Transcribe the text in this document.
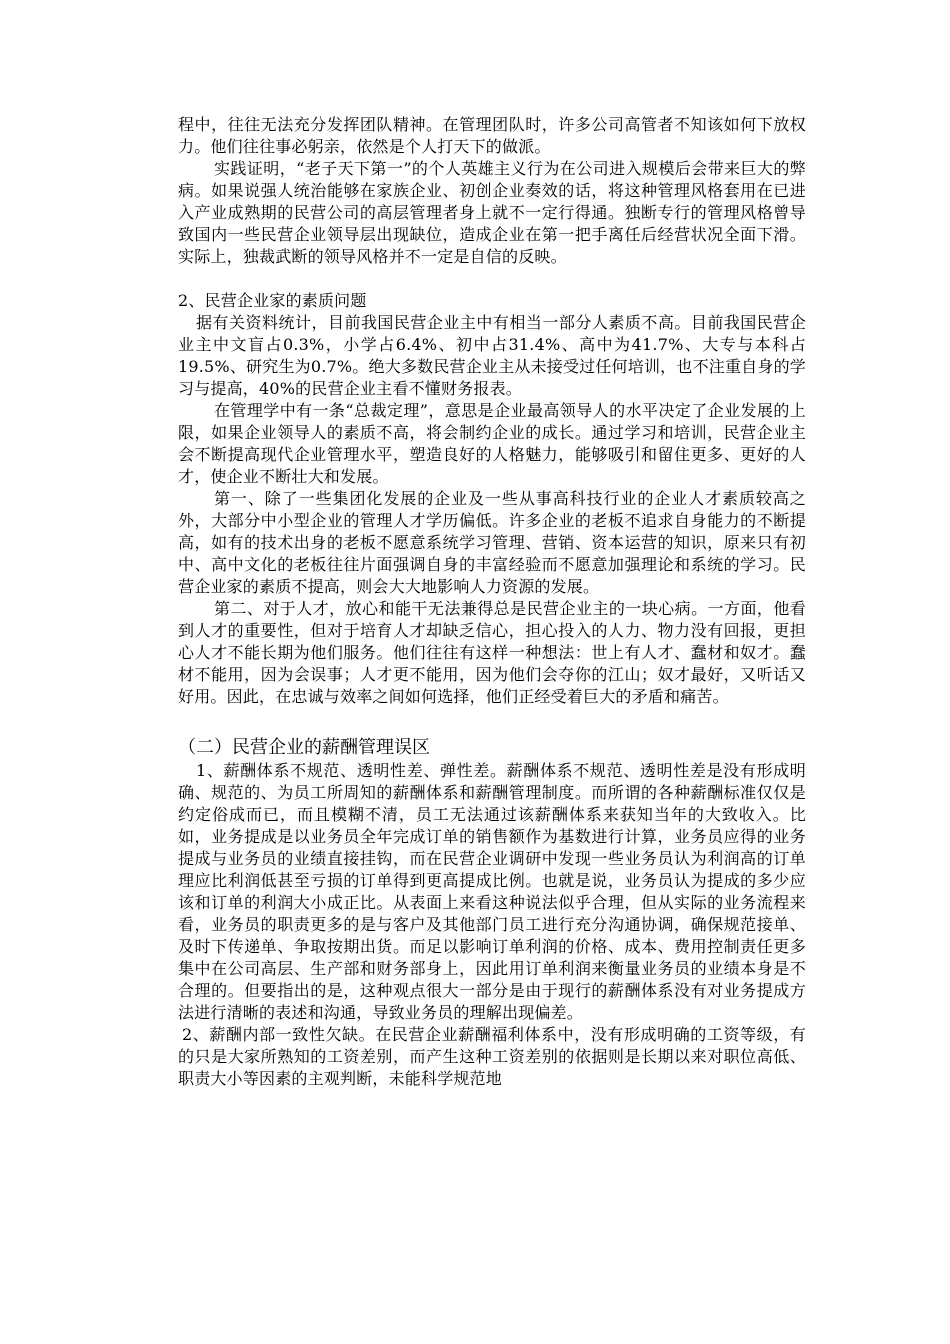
程中，往往无法充分发挥团队精神。在管理团队时，许多公司高管者不知该如何下放权力。他们往往事必躬亲，依然是个人打天下的做派。

实践证明，“老子天下第一”的个人英雄主义行为在公司进入规模后会带来巨大的弊病。如果说强人统治能够在家族企业、初创企业奏效的话，将这种管理风格套用在已进入产业成熟期的民营公司的高层管理者身上就不一定行得通。独断专行的管理风格曾导致国内一些民营企业领导层出现缺位，造成企业在第一把手离任后经营状况全面下滑。实际上，独裁武断的领导风格并不一定是自信的反映。

2、民营企业家的素质问题

据有关资料统计，目前我国民营企业主中有相当一部分人素质不高。目前我国民营企业主中文盲占0.3%，小学占6.4%、初中占31.4%、高中为41.7%、大专与本科占19.5%、研究生为0.7%。绝大多数民营企业主从未接受过任何培训，也不注重自身的学习与提高，40%的民营企业主看不懂财务报表。

在管理学中有一条“总裁定理”，意思是企业最高领导人的水平决定了企业发展的上限，如果企业领导人的素质不高，将会制约企业的成长。通过学习和培训，民营企业主会不断提高现代企业管理水平，塑造良好的人格魅力，能够吸引和留住更多、更好的人才，使企业不断壮大和发展。

第一、除了一些集团化发展的企业及一些从事高科技行业的企业人才素质较高之外，大部分中小型企业的管理人才学历偏低。许多企业的老板不追求自身能力的不断提高，如有的技术出身的老板不愿意系统学习管理、营销、资本运营的知识，原来只有初中、高中文化的老板往往片面强调自身的丰富经验而不愿意加强理论和系统的学习。民营企业家的素质不提高，则会大大地影响人力资源的发展。

第二、对于人才，放心和能干无法兼得总是民营企业主的一块心病。一方面，他看到人才的重要性，但对于培育人才却缺乏信心，担心投入的人力、物力没有回报，更担心人才不能长期为他们服务。他们往往有这样一种想法：世上有人才、蠢材和奴才。蠢材不能用，因为会误事；人才更不能用，因为他们会夺你的江山；奴才最好，又听话又好用。因此，在忠诚与效率之间如何选择，他们正经受着巨大的矛盾和痛苦。

（二）民营企业的薪酬管理误区

1、薪酬体系不规范、透明性差、弹性差。薪酬体系不规范、透明性差是没有形成明确、规范的、为员工所周知的薪酬体系和薪酬管理制度。而所谓的各种薪酬标准仅仅是约定俗成而已，而且模糊不清，员工无法通过该薪酬体系来获知当年的大致收入。比如，业务提成是以业务员全年完成订单的销售额作为基数进行计算，业务员应得的业务提成与业务员的业绩直接挂钩，而在民营企业调研中发现一些业务员认为利润高的订单理应比利润低甚至亏损的订单得到更高提成比例。也就是说，业务员认为提成的多少应该和订单的利润大小成正比。从表面上来看这种说法似乎合理，但从实际的业务流程来看，业务员的职责更多的是与客户及其他部门员工进行充分沟通协调，确保规范接单、及时下传递单、争取按期出货。而足以影响订单利润的价格、成本、费用控制责任更多集中在公司高层、生产部和财务部身上，因此用订单利润来衡量业务员的业绩本身是不合理的。但要指出的是，这种观点很大一部分是由于现行的薪酬体系没有对业务提成方法进行清晰的表述和沟通，导致业务员的理解出现偏差。

2、薪酬内部一致性欠缺。在民营企业薪酬福利体系中，没有形成明确的工资等级，有的只是大家所熟知的工资差别，而产生这种工资差别的依据则是长期以来对职位高低、职责大小等因素的主观判断，未能科学规范地
